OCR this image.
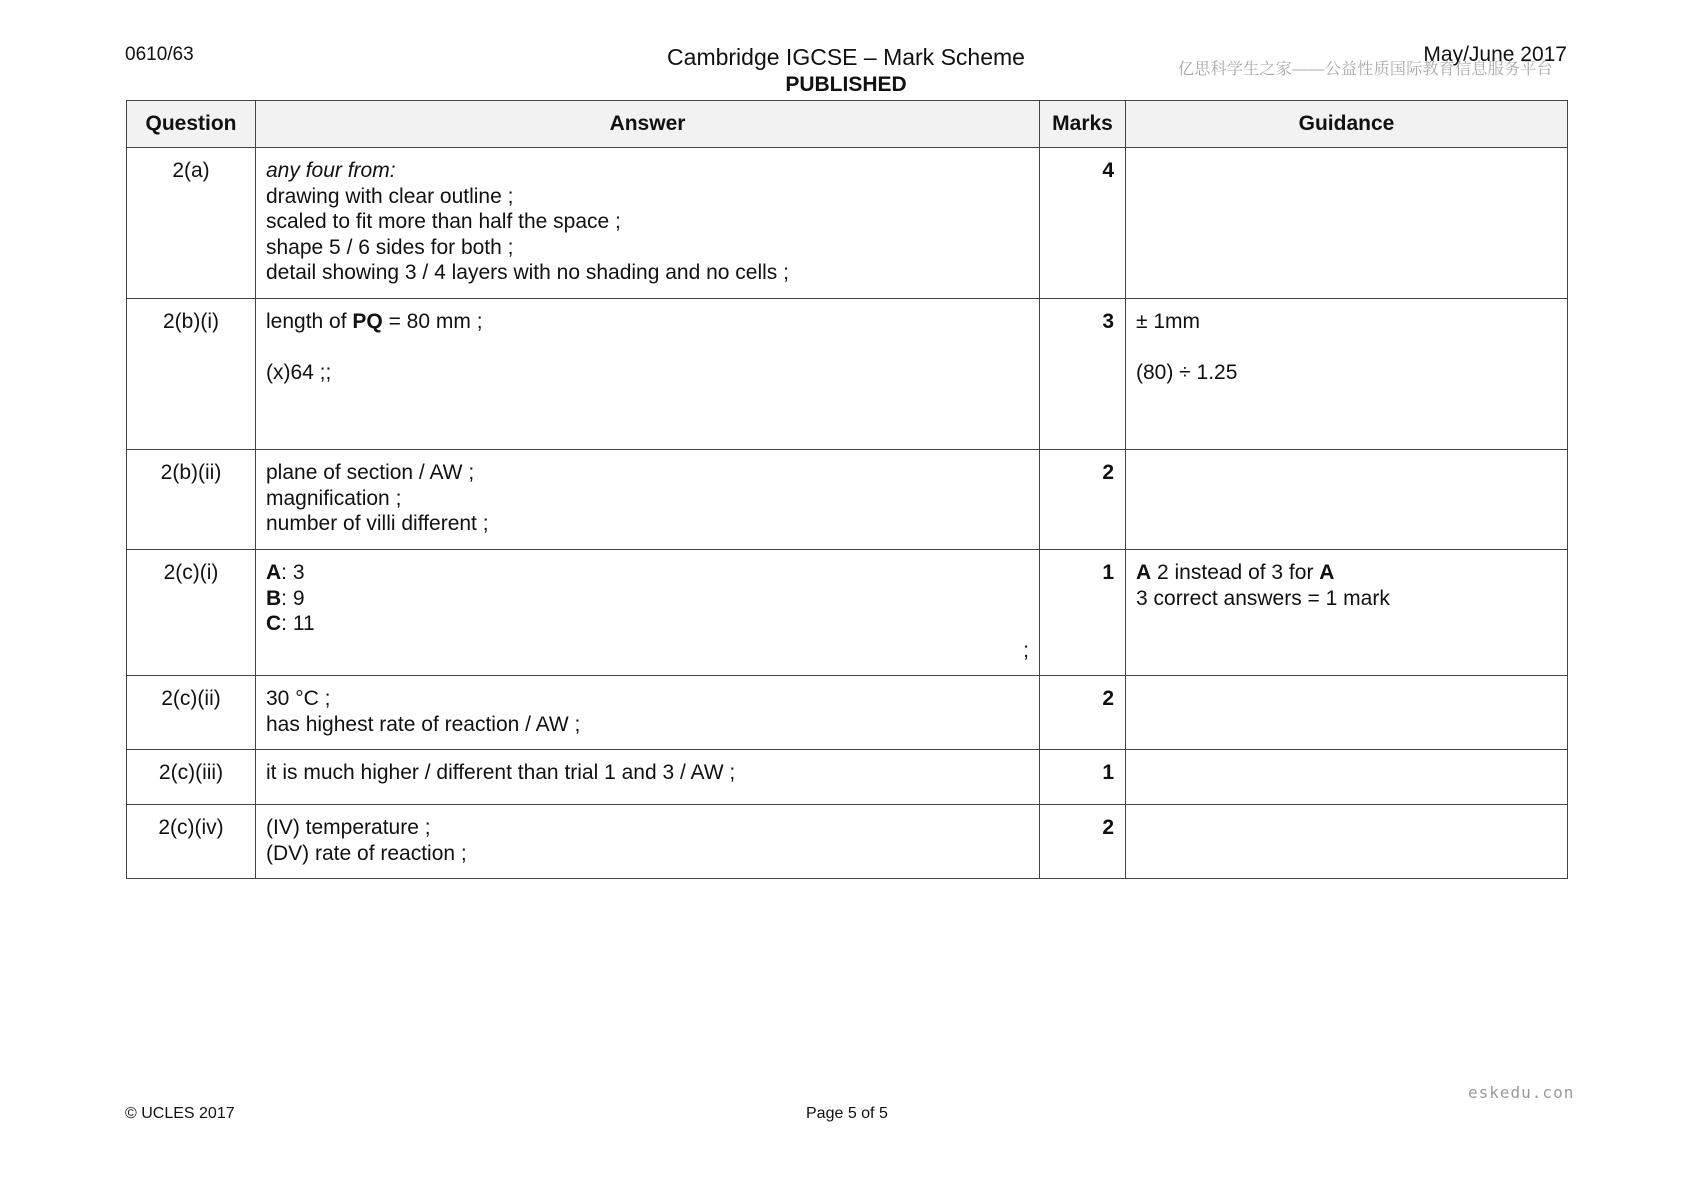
0610/63	Cambridge IGCSE – Mark Scheme
PUBLISHED
May/June 2017
亿思科学生之家——公益性质国际教育信息服务平台
Question	Answer	Marks	Guidance
2(a)	any four from:
drawing with clear outline ;
scaled to fit more than half the space ;
shape 5 / 6 sides for both ;
detail showing 3 / 4 layers with no shading and no cells ;	4	
2(b)(i)	length of PQ = 80 mm ;
(x)64 ;;	3	± 1mm
(80) ÷ 1.25

2(b)(ii)	plane of section / AW ;
magnification ;
number of villi different ;	2	
2(c)(i)	A: 3
B: 9
C: 11
;	1	A 2 instead of 3 for A
3 correct answers = 1 mark

2(c)(ii)	30 °C ;
has highest rate of reaction / AW ;	2	
2(c)(iii)	it is much higher / different than trial 1 and 3 / AW ;	1	
2(c)(iv)	(IV) temperature ;
(DV) rate of reaction ;	2	
eskedu.con
© UCLES 2017	Page 5 of 5
